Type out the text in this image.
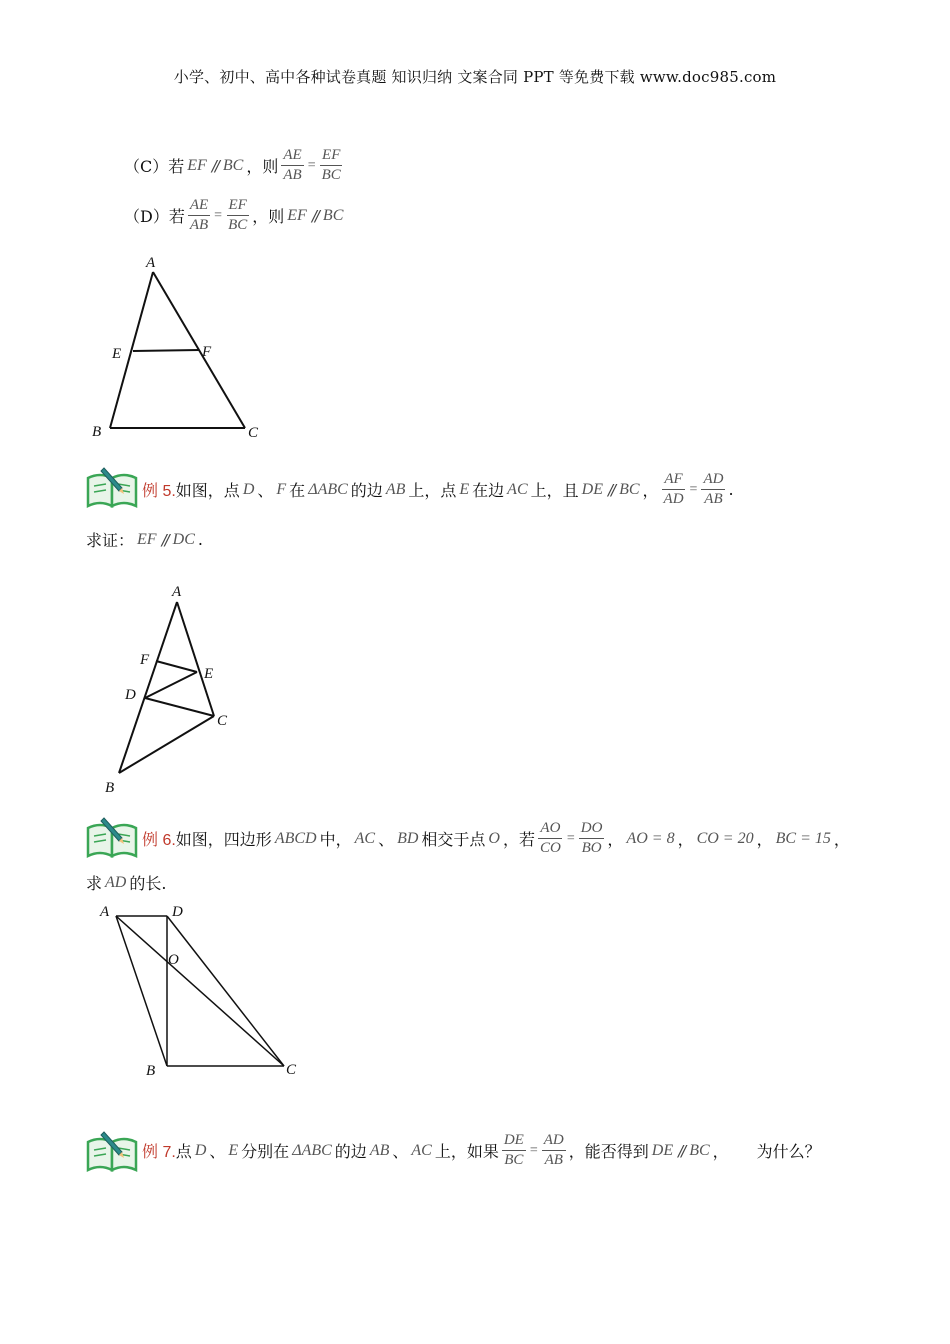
小学、初中、高中各种试卷真题 知识归纳 文案合同 PPT 等免费下载 www.doc985.com
（C）若 EF // BC ，则 $\frac{AE}{AB} = \frac{EF}{BC}$
（D）若 $\frac{AE}{AB} = \frac{EF}{BC}$ ，则 EF // BC
A
E	F
B	C
例 5. 如图，点 D 、 F 在 ΔABC 的边 AB 上，点 E 在边 AC 上，且 DE // BC ， $\frac{AF}{AD} = \frac{AD}{AB}$ .
求证： EF // DC .
A
F
E
D
C
B
例 6. 如图，四边形 ABCD 中， AC 、 BD 相交于点 O ，若 $\frac{AO}{CO} = \frac{DO}{BO}$ ， AO = 8 ， CO = 20 ， BC = 15 ，
求 AD 的长.
A	D
O
B	C
例 7. 点 D 、 E 分别在 ΔABC 的边 AB 、 AC 上，如果 $\frac{DE}{BC} = \frac{AD}{AB}$ ，能否得到 DE // BC ， 为什么？
